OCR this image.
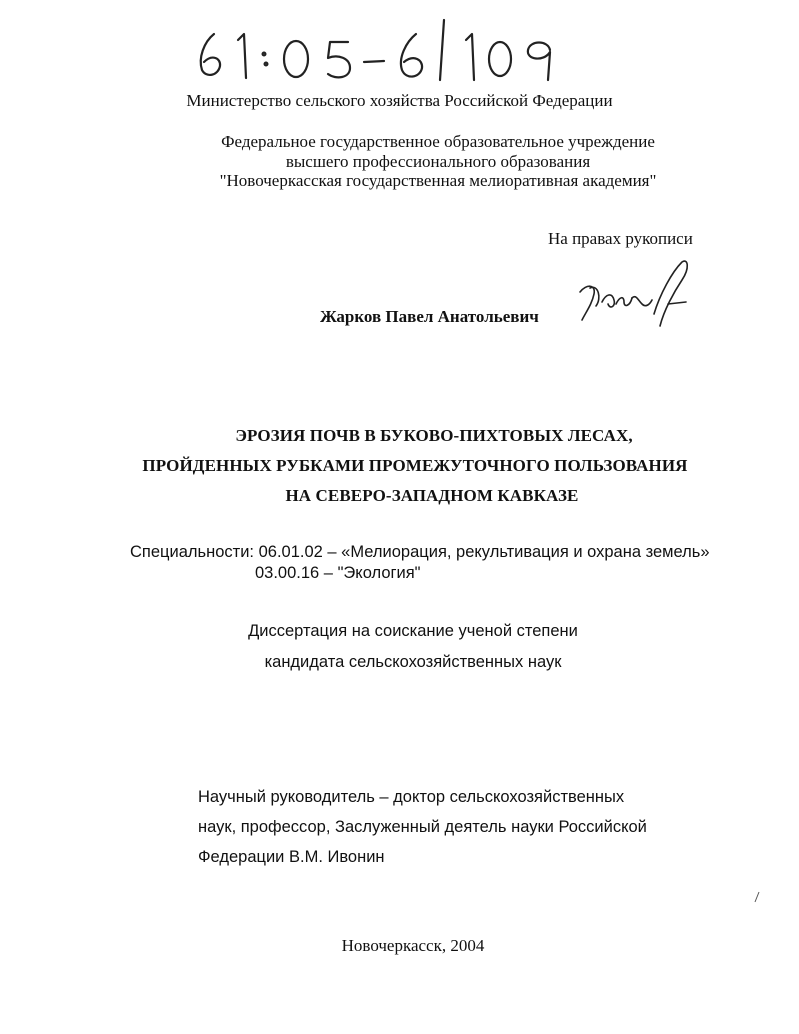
Министерство сельского хозяйства Российской Федерации

Федеральное государственное образовательное учреждение

высшего профессионального образования

"Новочеркасская государственная мелиоративная академия"

На правах рукописи

Жарков Павел Анатольевич

ЭРОЗИЯ ПОЧВ В БУКОВО-ПИХТОВЫХ ЛЕСАХ,

ПРОЙДЕННЫХ РУБКАМИ ПРОМЕЖУТОЧНОГО ПОЛЬЗОВАНИЯ

НА СЕВЕРО-ЗАПАДНОМ КАВКАЗЕ

Специальности: 06.01.02 – «Мелиорация, рекультивация и охрана земель»

03.00.16 – "Экология"

Диссертация на соискание ученой степени

кандидата сельскохозяйственных наук

Научный руководитель – доктор сельскохозяйственных

наук, профессор, Заслуженный деятель науки Российской

Федерации В.М. Ивонин

Новочеркасск, 2004
